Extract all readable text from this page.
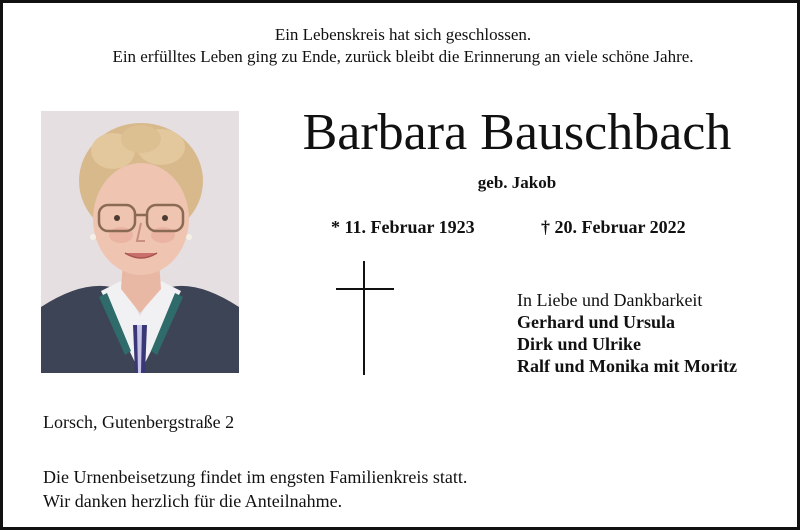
Ein Lebenskreis hat sich geschlossen.
Ein erfülltes Leben ging zu Ende, zurück bleibt die Erinnerung an viele schöne Jahre.
Barbara Bauschbach
geb. Jakob
* 11. Februar 1923	† 20. Februar 2022
In Liebe und Dankbarkeit
Gerhard und Ursula
Dirk und Ulrike
Ralf und Monika mit Moritz
Lorsch, Gutenbergstraße 2
Die Urnenbeisetzung findet im engsten Familienkreis statt.
Wir danken herzlich für die Anteilnahme.
